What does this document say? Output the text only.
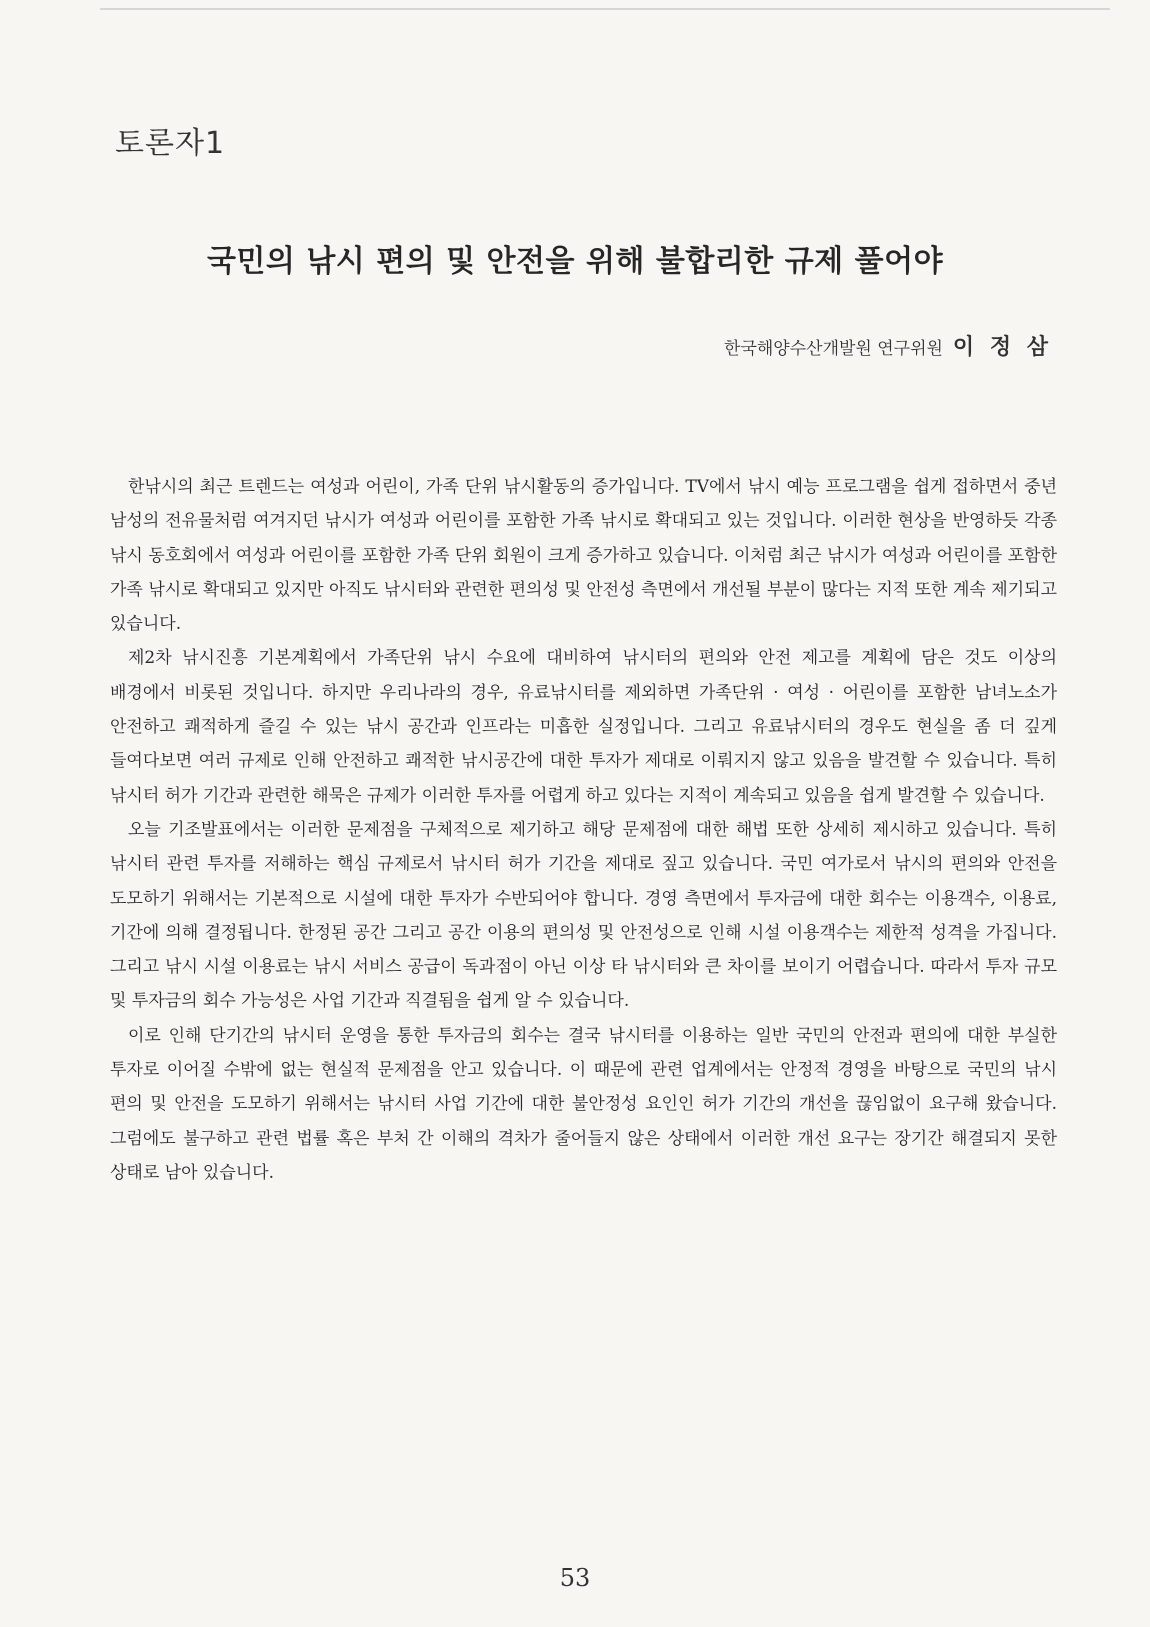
토론자1
국민의 낚시 편의 및 안전을 위해 불합리한 규제 풀어야
한국해양수산개발원 연구위원 이 정 삼

한낚시의 최근 트렌드는 여성과 어린이, 가족 단위 낚시활동의 증가입니다. TV에서 낚시 예능 프로그램을 쉽게 접하면서 중년 남성의 전유물처럼 여겨지던 낚시가 여성과 어린이를 포함한 가족 낚시로 확대되고 있는 것입니다. 이러한 현상을 반영하듯 각종 낚시 동호회에서 여성과 어린이를 포함한 가족 단위 회원이 크게 증가하고 있습니다. 이처럼 최근 낚시가 여성과 어린이를 포함한 가족 낚시로 확대되고 있지만 아직도 낚시터와 관련한 편의성 및 안전성 측면에서 개선될 부분이 많다는 지적 또한 계속 제기되고 있습니다.

제2차 낚시진흥 기본계획에서 가족단위 낚시 수요에 대비하여 낚시터의 편의와 안전 제고를 계획에 담은 것도 이상의 배경에서 비롯된 것입니다. 하지만 우리나라의 경우, 유료낚시터를 제외하면 가족단위 · 여성 · 어린이를 포함한 남녀노소가 안전하고 쾌적하게 즐길 수 있는 낚시 공간과 인프라는 미흡한 실정입니다. 그리고 유료낚시터의 경우도 현실을 좀 더 깊게 들여다보면 여러 규제로 인해 안전하고 쾌적한 낚시공간에 대한 투자가 제대로 이뤄지지 않고 있음을 발견할 수 있습니다. 특히 낚시터 허가 기간과 관련한 해묵은 규제가 이러한 투자를 어렵게 하고 있다는 지적이 계속되고 있음을 쉽게 발견할 수 있습니다.

오늘 기조발표에서는 이러한 문제점을 구체적으로 제기하고 해당 문제점에 대한 해법 또한 상세히 제시하고 있습니다. 특히 낚시터 관련 투자를 저해하는 핵심 규제로서 낚시터 허가 기간을 제대로 짚고 있습니다. 국민 여가로서 낚시의 편의와 안전을 도모하기 위해서는 기본적으로 시설에 대한 투자가 수반되어야 합니다. 경영 측면에서 투자금에 대한 회수는 이용객수, 이용료, 기간에 의해 결정됩니다. 한정된 공간 그리고 공간 이용의 편의성 및 안전성으로 인해 시설 이용객수는 제한적 성격을 가집니다. 그리고 낚시 시설 이용료는 낚시 서비스 공급이 독과점이 아닌 이상 타 낚시터와 큰 차이를 보이기 어렵습니다. 따라서 투자 규모 및 투자금의 회수 가능성은 사업 기간과 직결됨을 쉽게 알 수 있습니다.

이로 인해 단기간의 낚시터 운영을 통한 투자금의 회수는 결국 낚시터를 이용하는 일반 국민의 안전과 편의에 대한 부실한 투자로 이어질 수밖에 없는 현실적 문제점을 안고 있습니다. 이 때문에 관련 업계에서는 안정적 경영을 바탕으로 국민의 낚시 편의 및 안전을 도모하기 위해서는 낚시터 사업 기간에 대한 불안정성 요인인 허가 기간의 개선을 끊임없이 요구해 왔습니다. 그럼에도 불구하고 관련 법률 혹은 부처 간 이해의 격차가 줄어들지 않은 상태에서 이러한 개선 요구는 장기간 해결되지 못한 상태로 남아 있습니다.

53
